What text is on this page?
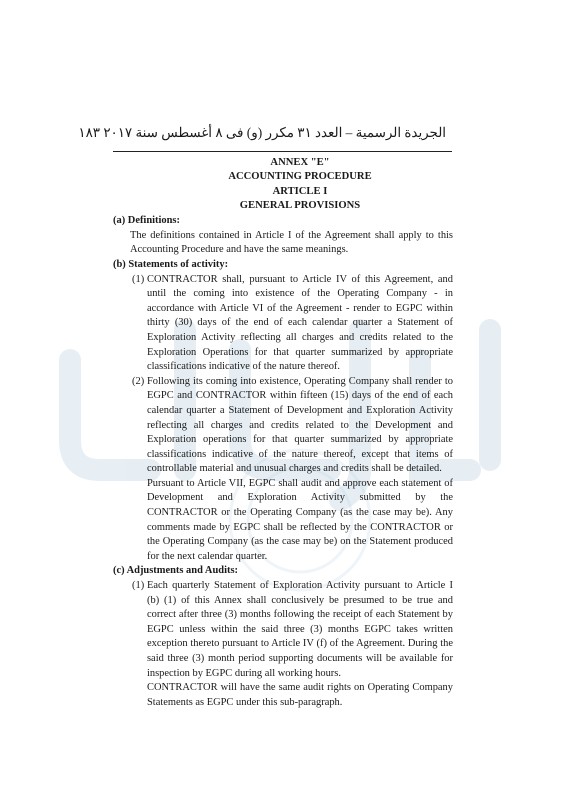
الجريدة الرسمية – العدد ٣١ مكرر (و) فى ٨ أغسطس سنة ٢٠١٧ ١٨٣
ANNEX "E"
ACCOUNTING PROCEDURE
ARTICLE I
GENERAL PROVISIONS
(a) Definitions:

The definitions contained in Article I of the Agreement shall apply to this Accounting Procedure and have the same meanings.

(b) Statements of activity:
(1) CONTRACTOR shall, pursuant to Article IV of this Agreement, and until the coming into existence of the Operating Company - in accordance with Article VI of the Agreement - render to EGPC within thirty (30) days of the end of each calendar quarter a Statement of Exploration Activity reflecting all charges and credits related to the Exploration Operations for that quarter summarized by appropriate classifications indicative of the nature thereof.
(2) Following its coming into existence, Operating Company shall render to EGPC and CONTRACTOR within fifteen (15) days of the end of each calendar quarter a Statement of Development and Exploration Activity reflecting all charges and credits related to the Development and Exploration operations for that quarter summarized by appropriate classifications indicative of the nature thereof, except that items of controllable material and unusual charges and credits shall be detailed.

Pursuant to Article VII, EGPC shall audit and approve each statement of Development and Exploration Activity submitted by the CONTRACTOR or the Operating Company (as the case may be). Any comments made by EGPC shall be reflected by the CONTRACTOR or the Operating Company (as the case may be) on the Statement produced for the next calendar quarter.

(c) Adjustments and Audits:
(1) Each quarterly Statement of Exploration Activity pursuant to Article I (b) (1) of this Annex shall conclusively be presumed to be true and correct after three (3) months following the receipt of each Statement by EGPC unless within the said three (3) months EGPC takes written exception thereto pursuant to Article IV (f) of the Agreement. During the said three (3) month period supporting documents will be available for inspection by EGPC during all working hours.

CONTRACTOR will have the same audit rights on Operating Company Statements as EGPC under this sub-paragraph.
